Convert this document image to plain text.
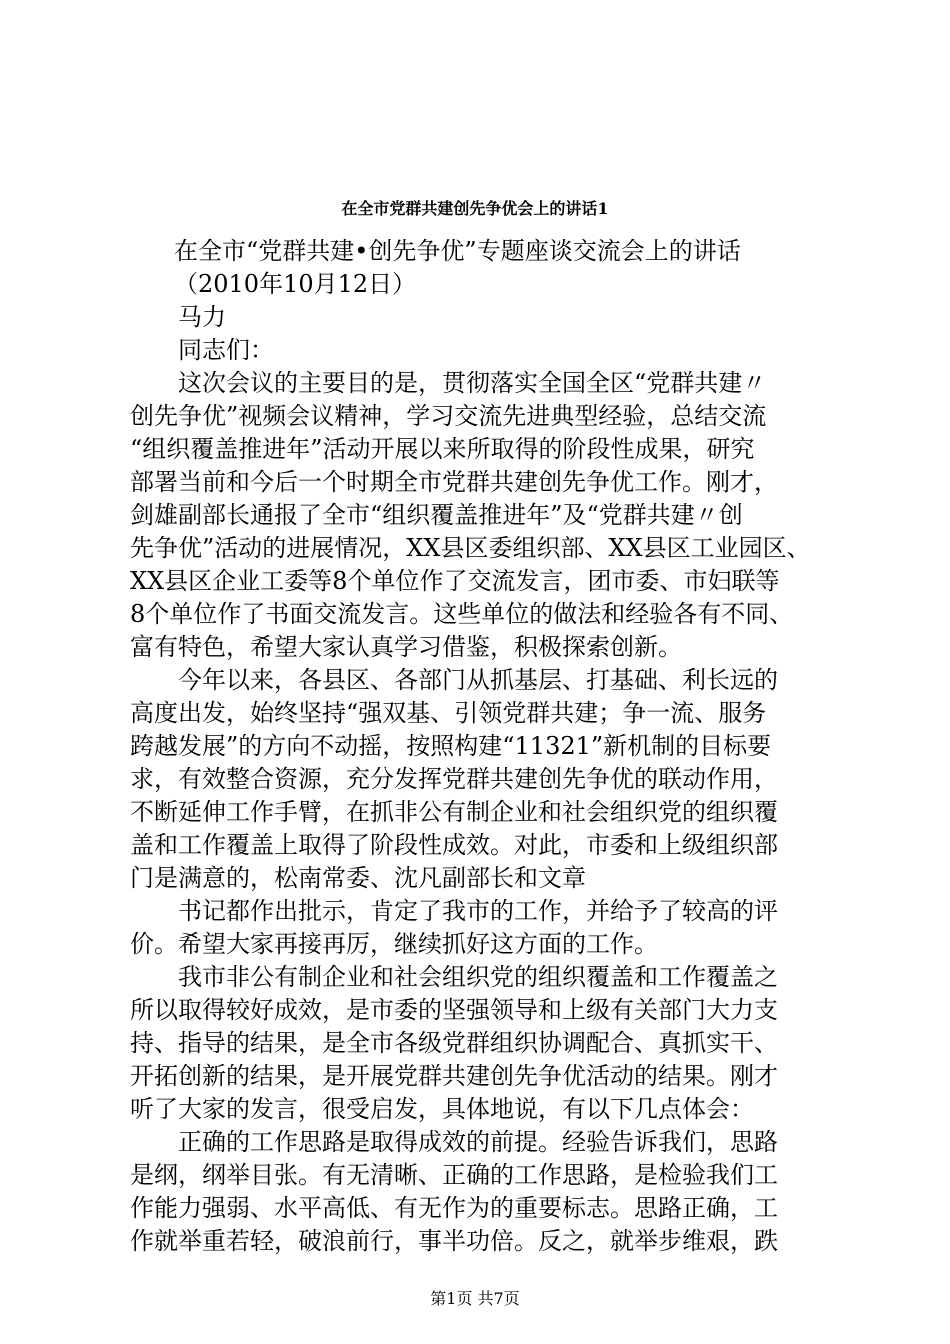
在全市党群共建创先争优会上的讲话1
在全市“党群共建•创先争优”专题座谈交流会上的讲话
（2010年10月12日）
马力
同志们：
这次会议的主要目的是，贯彻落实全国全区“党群共建〃
创先争优”视频会议精神，学习交流先进典型经验，总结交流
“组织覆盖推进年”活动开展以来所取得的阶段性成果，研究
部署当前和今后一个时期全市党群共建创先争优工作。刚才，
剑雄副部长通报了全市“组织覆盖推进年”及“党群共建〃创
先争优”活动的进展情况，XX县区委组织部、XX县区工业园区、
XX县区企业工委等8个单位作了交流发言，团市委、市妇联等
8个单位作了书面交流发言。这些单位的做法和经验各有不同、
富有特色，希望大家认真学习借鉴，积极探索创新。
今年以来，各县区、各部门从抓基层、打基础、利长远的
高度出发，始终坚持“强双基、引领党群共建；争一流、服务
跨越发展”的方向不动摇，按照构建“11321”新机制的目标要
求，有效整合资源，充分发挥党群共建创先争优的联动作用，
不断延伸工作手臂，在抓非公有制企业和社会组织党的组织覆
盖和工作覆盖上取得了阶段性成效。对此，市委和上级组织部
门是满意的，松南常委、沈凡副部长和文章
书记都作出批示，肯定了我市的工作，并给予了较高的评
价。希望大家再接再厉，继续抓好这方面的工作。
我市非公有制企业和社会组织党的组织覆盖和工作覆盖之
所以取得较好成效，是市委的坚强领导和上级有关部门大力支
持、指导的结果，是全市各级党群组织协调配合、真抓实干、
开拓创新的结果，是开展党群共建创先争优活动的结果。刚才
听了大家的发言，很受启发，具体地说，有以下几点体会：
正确的工作思路是取得成效的前提。经验告诉我们，思路
是纲，纲举目张。有无清晰、正确的工作思路，是检验我们工
作能力强弱、水平高低、有无作为的重要标志。思路正确，工
作就举重若轻，破浪前行，事半功倍。反之，就举步维艰，跌
第1页 共7页
